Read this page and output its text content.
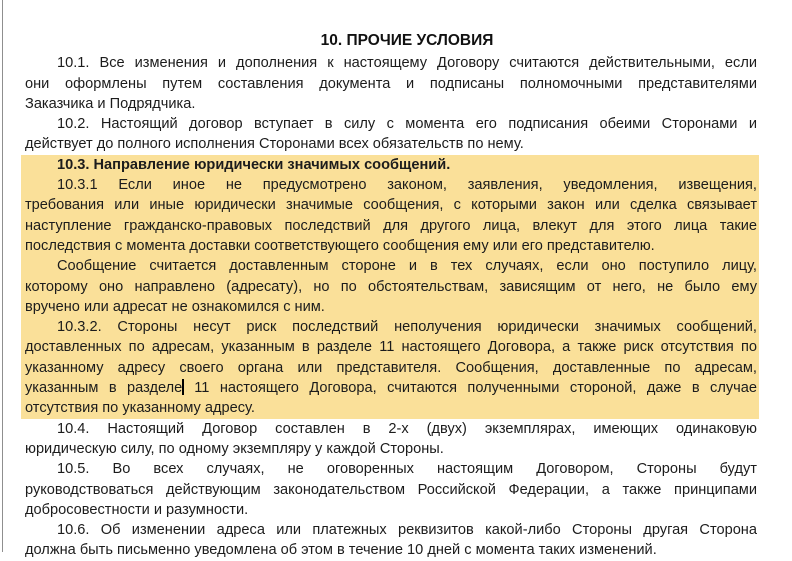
10. ПРОЧИЕ УСЛОВИЯ
10.1. Все изменения и дополнения к настоящему Договору считаются действительными, если
они оформлены путем составления документа и подписаны полномочными представителями
Заказчика и Подрядчика.
10.2. Настоящий договор вступает в силу с момента его подписания обеими Сторонами и
действует до полного исполнения Сторонами всех обязательств по нему.
10.3. Направление юридически значимых сообщений.
10.3.1 Если иное не предусмотрено законом, заявления, уведомления, извещения,
требования или иные юридически значимые сообщения, с которыми закон или сделка связывает
наступление гражданско-правовых последствий для другого лица, влекут для этого лица такие
последствия с момента доставки соответствующего сообщения ему или его представителю.
Сообщение считается доставленным стороне и в тех случаях, если оно поступило лицу,
которому оно направлено (адресату), но по обстоятельствам, зависящим от него, не было ему
вручено или адресат не ознакомился с ним.
10.3.2. Стороны несут риск последствий неполучения юридически значимых сообщений,
доставленных по адресам, указанным в разделе 11 настоящего Договора, а также риск отсутствия по
указанному адресу своего органа или представителя. Сообщения, доставленные по адресам,
указанным в разделе 11 настоящего Договора, считаются полученными стороной, даже в случае
отсутствия по указанному адресу.
10.4. Настоящий Договор составлен в 2-х (двух) экземплярах, имеющих одинаковую
юридическую силу, по одному экземпляру у каждой Стороны.
10.5. Во всех случаях, не оговоренных настоящим Договором, Стороны будут
руководствоваться действующим законодательством Российской Федерации, а также принципами
добросовестности и разумности.
10.6. Об изменении адреса или платежных реквизитов какой-либо Стороны другая Сторона
должна быть письменно уведомлена об этом в течение 10 дней с момента таких изменений.
